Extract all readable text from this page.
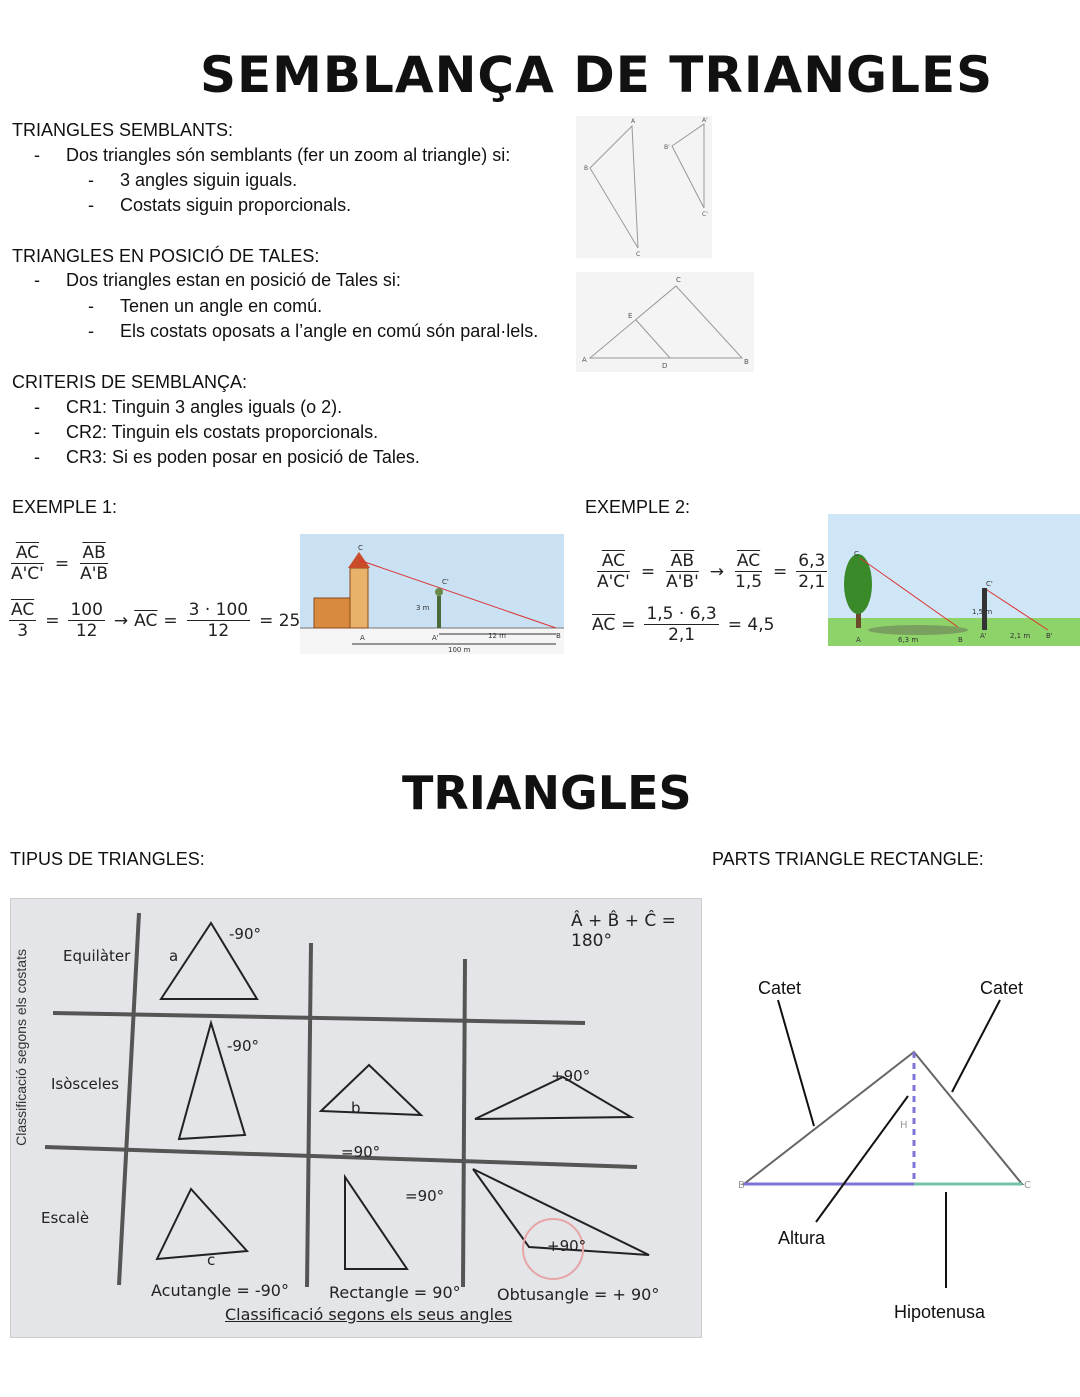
SEMBLANÇA DE TRIANGLES
TRIANGLES SEMBLANTS:
- Dos triangles són semblants (fer un zoom al triangle) si:
- 3 angles siguin iguals.
- Costats siguin proporcionals.
TRIANGLES EN POSICIÓ DE TALES:
- Dos triangles estan en posició de Tales si:
- Tenen un angle en comú.
- Els costats oposats a l’angle en comú són paral·lels.
CRITERIS DE SEMBLANÇA:
- CR1: Tinguin 3 angles iguals (o 2).
- CR2: Tinguin els costats proporcionals.
- CR3: Si es poden posar en posició de Tales.
B
A
C
B'
A'
C'
A
C
B
D
E
EXEMPLE 1:
$\frac{\overline{AC}}{A'C'} = \frac{\overline{AB}}{A'B}$
$\frac{\overline{AC}}{3} = \frac{100}{12} \to \overline{AC} = \frac{3 \cdot 100}{12} = 25$
C
C'
3 m
A	A'	12 m	B
100 m
EXEMPLE 2:
$\frac{\overline{AC}}{A'C'} = \frac{\overline{AB}}{A'B'} \to \frac{\overline{AC}}{1,5} = \frac{6,3}{2,1}$
$\overline{AC} = \frac{1,5 \cdot 6,3}{2,1} = 4,5$
C
C'
1,5 m
A	6,3 m	B A'	2,1 m B'
TRIANGLES
TIPUS DE TRIANGLES:	PARTS TRIANGLE RECTANGLE:
Classificació segons els costats Equilàter
Isòsceles
Escalè
Â + B̂ + Ĉ = 180°
Acutangle = -90°	Rectangle = 90° Obtusangle = + 90°
Classificació segons els seus angles
-90°
-90°
=90°
=90°
+90°
+90°
a
b
c
B	C
H
Catet	Catet
Altura
Hipotenusa
